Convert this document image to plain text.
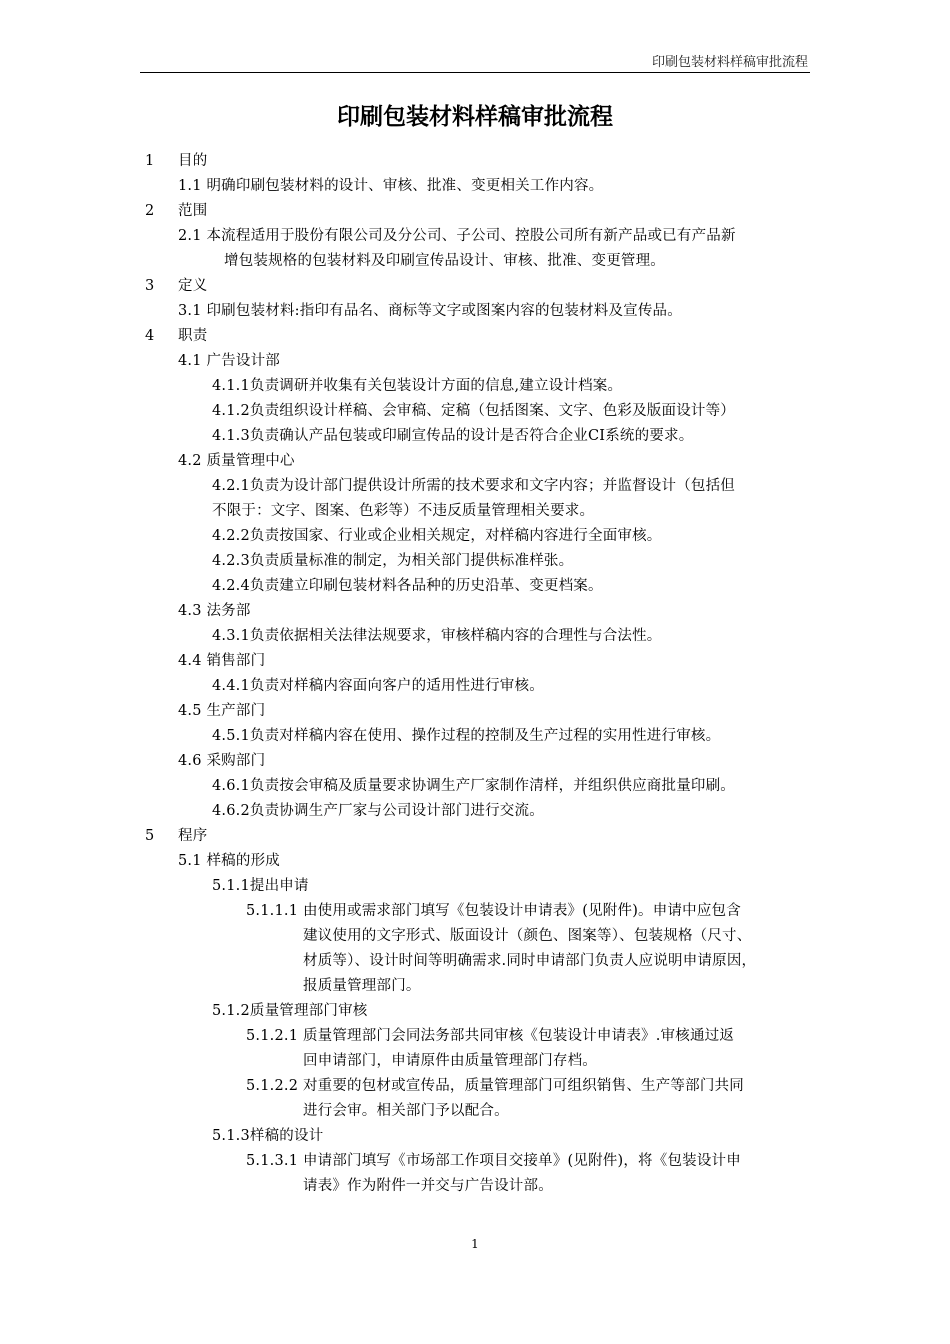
印刷包装材料样稿审批流程
印刷包装材料样稿审批流程
1 目的

1.1 明确印刷包装材料的设计、审核、批准、变更相关工作内容。
2 范围

2.1 本流程适用于股份有限公司及分公司、子公司、控股公司所有新产品或已有产品新
增包装规格的包装材料及印刷宣传品设计、审核、批准、变更管理。
3 定义

3.1 印刷包装材料:指印有品名、商标等文字或图案内容的包装材料及宣传品。
4 职责

4.1 广告设计部
4.1.1负责调研并收集有关包装设计方面的信息,建立设计档案。
4.1.2负责组织设计样稿、会审稿、定稿（包括图案、文字、色彩及版面设计等）
4.1.3负责确认产品包装或印刷宣传品的设计是否符合企业CI系统的要求。
4.2 质量管理中心
4.2.1负责为设计部门提供设计所需的技术要求和文字内容；并监督设计（包括但
不限于：文字、图案、色彩等）不违反质量管理相关要求。
4.2.2负责按国家、行业或企业相关规定，对样稿内容进行全面审核。
4.2.3负责质量标准的制定，为相关部门提供标准样张。
4.2.4负责建立印刷包装材料各品种的历史沿革、变更档案。
4.3 法务部
4.3.1负责依据相关法律法规要求，审核样稿内容的合理性与合法性。
4.4 销售部门
4.4.1负责对样稿内容面向客户的适用性进行审核。
4.5 生产部门
4.5.1负责对样稿内容在使用、操作过程的控制及生产过程的实用性进行审核。
4.6 采购部门
4.6.1负责按会审稿及质量要求协调生产厂家制作清样，并组织供应商批量印刷。
4.6.2负责协调生产厂家与公司设计部门进行交流。
5 程序

5.1 样稿的形成
5.1.1提出申请
5.1.1.1 由使用或需求部门填写《包装设计申请表》(见附件)。申请中应包含
建议使用的文字形式、版面设计（颜色、图案等）、包装规格（尺寸、
材质等）、设计时间等明确需求.同时申请部门负责人应说明申请原因，
报质量管理部门。
5.1.2质量管理部门审核
5.1.2.1 质量管理部门会同法务部共同审核《包装设计申请表》.审核通过返
回申请部门，申请原件由质量管理部门存档。
5.1.2.2 对重要的包材或宣传品，质量管理部门可组织销售、生产等部门共同
进行会审。相关部门予以配合。
5.1.3样稿的设计
5.1.3.1 申请部门填写《市场部工作项目交接单》(见附件)，将《包装设计申
请表》作为附件一并交与广告设计部。
1
